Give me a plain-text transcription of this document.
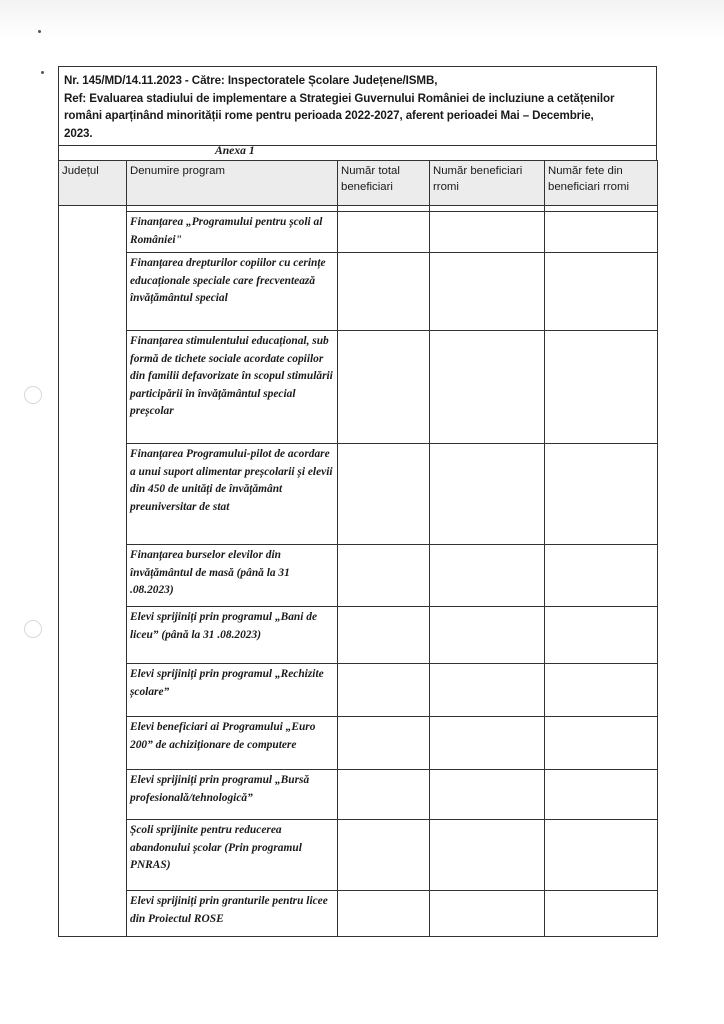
Nr. 145/MD/14.11.2023 - Către: Inspectoratele Școlare Județene/ISMB,
Ref: Evaluarea stadiului de implementare a Strategiei Guvernului României de incluziune a cetățenilor
români aparținând minorității rome pentru perioada 2022-2027, aferent perioadei Mai – Decembrie,
2023.
Anexa 1
Județul	Denumire program	Număr total beneficiari	Număr beneficiari rromi	Număr fete din beneficiari rromi

	Finanțarea „Programului pentru școli al României"			
	Finanțarea drepturilor copiilor cu cerințe educaționale speciale care frecventează învățământul special			
	Finanțarea stimulentului educațional, sub formă de tichete sociale acordate copiilor din familii defavorizate în scopul stimulării participării în învățământul special preșcolar			
	Finanțarea Programului-pilot de acordare a unui suport alimentar preșcolarii și elevii din 450 de unități de învățământ preuniversitar de stat			
	Finanțarea burselor elevilor din învățământul de masă (până la 31 .08.2023)			
	Elevi sprijiniți prin programul „Bani de liceu” (până la 31 .08.2023)			
	Elevi sprijiniți prin programul „Rechizite școlare”			
	Elevi beneficiari ai Programului „Euro 200” de achiziționare de computere			
	Elevi sprijiniți prin programul „Bursă profesională/tehnologică”			
	Școli sprijinite pentru reducerea abandonului școlar (Prin programul PNRAS)			
	Elevi sprijiniți prin granturile pentru licee din Proiectul ROSE			
